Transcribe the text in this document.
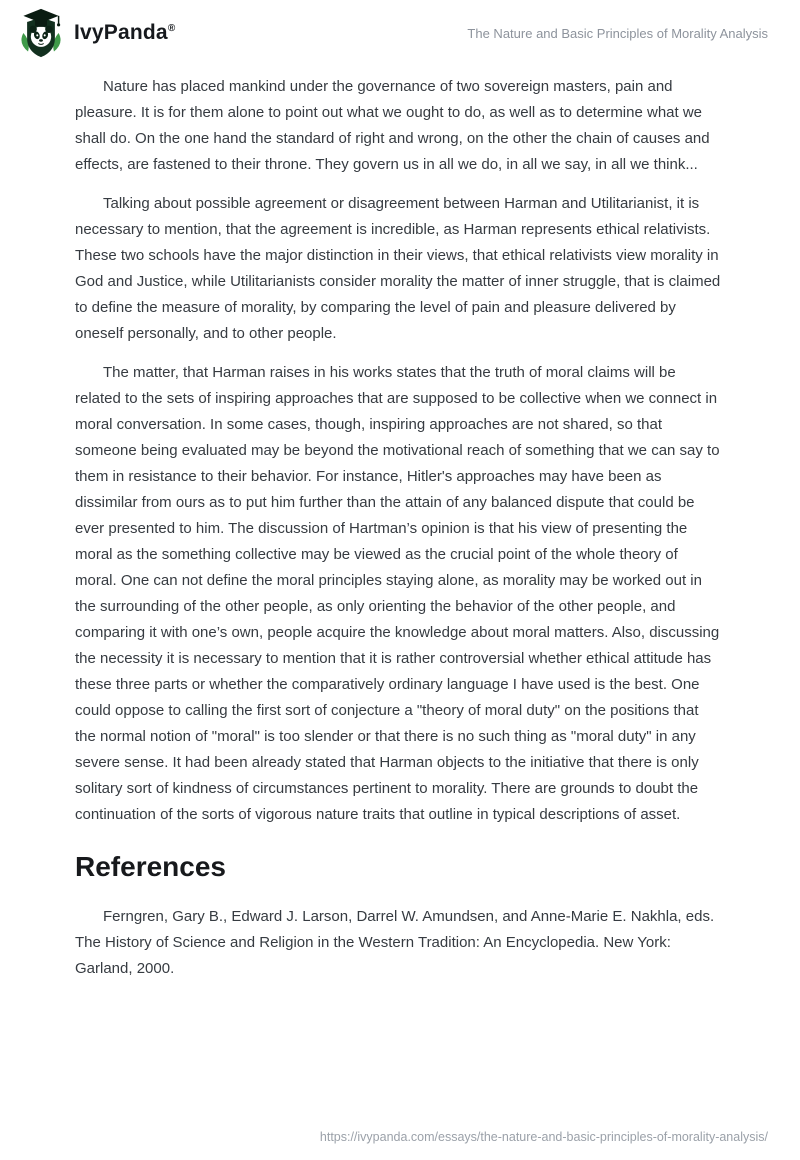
IvyPanda®	The Nature and Basic Principles of Morality Analysis

Nature has placed mankind under the governance of two sovereign masters, pain and pleasure. It is for them alone to point out what we ought to do, as well as to determine what we shall do. On the one hand the standard of right and wrong, on the other the chain of causes and effects, are fastened to their throne. They govern us in all we do, in all we say, in all we think...

Talking about possible agreement or disagreement between Harman and Utilitarianist, it is necessary to mention, that the agreement is incredible, as Harman represents ethical relativists. These two schools have the major distinction in their views, that ethical relativists view morality in God and Justice, while Utilitarianists consider morality the matter of inner struggle, that is claimed to define the measure of morality, by comparing the level of pain and pleasure delivered by oneself personally, and to other people.

The matter, that Harman raises in his works states that the truth of moral claims will be related to the sets of inspiring approaches that are supposed to be collective when we connect in moral conversation. In some cases, though, inspiring approaches are not shared, so that someone being evaluated may be beyond the motivational reach of something that we can say to them in resistance to their behavior. For instance, Hitler's approaches may have been as dissimilar from ours as to put him further than the attain of any balanced dispute that could be ever presented to him. The discussion of Hartman’s opinion is that his view of presenting the moral as the something collective may be viewed as the crucial point of the whole theory of moral. One can not define the moral principles staying alone, as morality may be worked out in the surrounding of the other people, as only orienting the behavior of the other people, and comparing it with one’s own, people acquire the knowledge about moral matters. Also, discussing the necessity it is necessary to mention that it is rather controversial whether ethical attitude has these three parts or whether the comparatively ordinary language I have used is the best. One could oppose to calling the first sort of conjecture a "theory of moral duty" on the positions that the normal notion of "moral" is too slender or that there is no such thing as "moral duty" in any severe sense. It had been already stated that Harman objects to the initiative that there is only solitary sort of kindness of circumstances pertinent to morality. There are grounds to doubt the continuation of the sorts of vigorous nature traits that outline in typical descriptions of asset.

References

Ferngren, Gary B., Edward J. Larson, Darrel W. Amundsen, and Anne-Marie E. Nakhla, eds. The History of Science and Religion in the Western Tradition: An Encyclopedia. New York: Garland, 2000.

https://ivypanda.com/essays/the-nature-and-basic-principles-of-morality-analysis/
